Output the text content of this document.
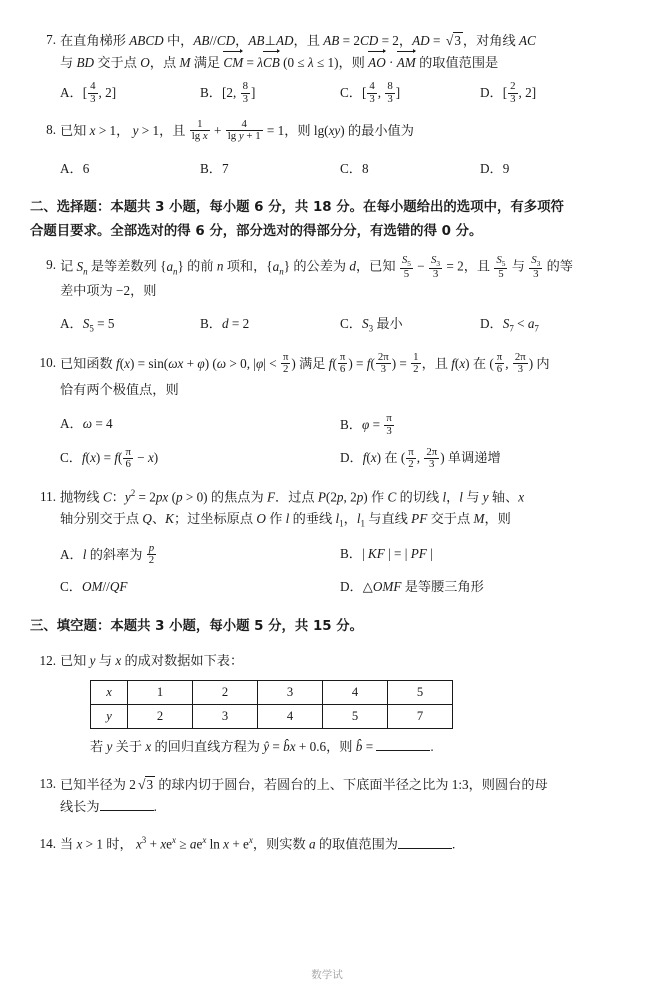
7. 在直角梯形 ABCD 中，AB//CD，AB⊥AD，且 AB = 2CD = 2，AD = √3 ，对角线 AC
与 BD 交于点 O，点 M 满足 CM = λCB (0 ≤ λ ≤ 1)，则 AO · AM 的取值范围是
A．[ $\frac{4}{3}$ , 2]	B．[2, $\frac{8}{3}$ ]	C．[ $\frac{4}{3}$ , $\frac{8}{3}$ ]	D．[ $\frac{2}{3}$ , 2]
8. 已知 x > 1， y > 1，且 $\frac{1}{\text{lg x}} + \frac{4}{\text{lg y + 1}} = 1$，则 lg(xy) 的最小值为
A．6	B．7	C．8	D．9
二、选择题：本题共 3 小题，每小题 6 分，共 18 分。在每小题给出的选项中，有多项符
合题目要求。全部选对的得 6 分，部分选对的得部分分，有选错的得 0 分。
9. 记 $S_n$ 是等差数列 $\{a_n\}$ 的前 n 项和，$\{a_n\}$ 的公差为 d，已知 $\frac{S_5}{5} - \frac{S_3}{3} = 2$，且 $\frac{S_5}{5}$ 与 $\frac{S_3}{3}$ 的等
差中项为 −2，则
A．$S_5 = 5$	B．d = 2	C．$S_3$ 最小	D．$S_7 < a_7$
10. 已知函数 f(x) = sin(ωx + φ) (ω > 0, $|\varphi| < \frac{\pi}{2}$ ) 满足 $f( \frac{\pi}{6}$ ) = $f( \frac{2\pi}{3}$ ) = $\frac{1}{2}$ ，且 f(x) 在 ( $\frac{\pi}{6}$ , $\frac{2\pi}{3}$ ) 内
恰有两个极值点，则
A．ω = 4	B．$\varphi = \frac{\pi}{3}$
C．$f(x) = f( \frac{\pi}{6} - x)$	D．f(x) 在 ( $\frac{\pi}{2}$ , $\frac{2\pi}{3}$ ) 单调递增
11. 抛物线 C：$y^2 = 2px$ (p > 0) 的焦点为 F．过点 P(2p, 2p) 作 C 的切线 l，l 与 y 轴、x
轴分别交于点 Q、K；过坐标原点 O 作 l 的垂线 $l_1$，$l_1$ 与直线 PF 交于点 M，则
A．l 的斜率为 $\frac{p}{2}$	B．| KF | = | PF |
C．OM//QF	D．△OMF 是等腰三角形
三、填空题：本题共 3 小题，每小题 5 分，共 15 分。
12. 已知 y 与 x 的成对数据如下表：
x	1	2	3	4	5
y	2	3	4	5	7
若 y 关于 x 的回归直线方程为 ŷ = b̂x + 0.6，则 b̂ =	.
13. 已知半径为 2 √3 的球内切于圆台，若圆台的上、下底面半径之比为 1:3，则圆台的母
线长为	.
14. 当 x > 1 时， $x^3 + xe^x \ge ae^x$ $\ln x + e^x$，则实数 a 的取值范围为	.
数学试
